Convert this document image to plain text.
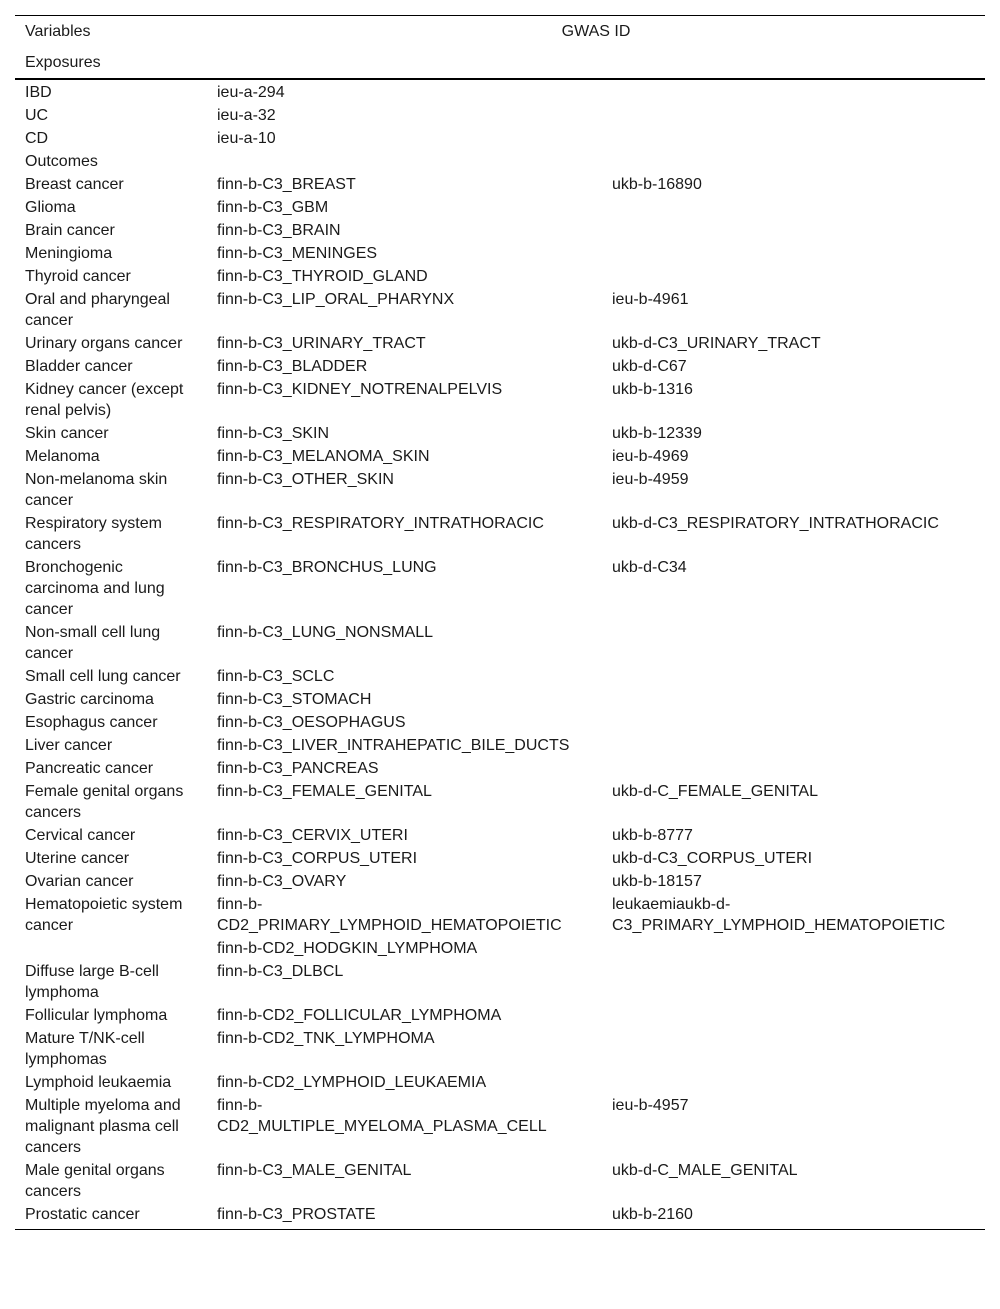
Variables	GWAS ID	
Exposures		
IBD	ieu-a-294	
UC	ieu-a-32	
CD	ieu-a-10	
Outcomes		
Breast cancer	finn-b-C3_BREAST	ukb-b-16890
Glioma	finn-b-C3_GBM	
Brain cancer	finn-b-C3_BRAIN	
Meningioma	finn-b-C3_MENINGES	
Thyroid cancer	finn-b-C3_THYROID_GLAND	
Oral and pharyngeal cancer	finn-b-C3_LIP_ORAL_PHARYNX	ieu-b-4961
Urinary organs cancer	finn-b-C3_URINARY_TRACT	ukb-d-C3_URINARY_TRACT
Bladder cancer	finn-b-C3_BLADDER	ukb-d-C67
Kidney cancer (except renal pelvis)	finn-b-C3_KIDNEY_NOTRENALPELVIS	ukb-b-1316
Skin cancer	finn-b-C3_SKIN	ukb-b-12339
Melanoma	finn-b-C3_MELANOMA_SKIN	ieu-b-4969
Non-melanoma skin cancer	finn-b-C3_OTHER_SKIN	ieu-b-4959
Respiratory system cancers	finn-b-C3_RESPIRATORY_INTRATHORACIC	ukb-d-C3_RESPIRATORY_INTRATHORACIC
Bronchogenic carcinoma and lung cancer	finn-b-C3_BRONCHUS_LUNG	ukb-d-C34
Non-small cell lung cancer	finn-b-C3_LUNG_NONSMALL	
Small cell lung cancer	finn-b-C3_SCLC	
Gastric carcinoma	finn-b-C3_STOMACH	
Esophagus cancer	finn-b-C3_OESOPHAGUS	
Liver cancer	finn-b-C3_LIVER_INTRAHEPATIC_BILE_DUCTS	
Pancreatic cancer	finn-b-C3_PANCREAS	
Female genital organs cancers	finn-b-C3_FEMALE_GENITAL	ukb-d-C_FEMALE_GENITAL
Cervical cancer	finn-b-C3_CERVIX_UTERI	ukb-b-8777
Uterine cancer	finn-b-C3_CORPUS_UTERI	ukb-d-C3_CORPUS_UTERI
Ovarian cancer	finn-b-C3_OVARY	ukb-b-18157
Hematopoietic system cancer	finn-b-CD2_PRIMARY_LYMPHOID_HEMATOPOIETIC	leukaemiaukb-d-C3_PRIMARY_LYMPHOID_HEMATOPOIETIC
	finn-b-CD2_HODGKIN_LYMPHOMA	
Diffuse large B-cell lymphoma	finn-b-C3_DLBCL	
Follicular lymphoma	finn-b-CD2_FOLLICULAR_LYMPHOMA	
Mature T/NK-cell lymphomas	finn-b-CD2_TNK_LYMPHOMA	
Lymphoid leukaemia	finn-b-CD2_LYMPHOID_LEUKAEMIA	
Multiple myeloma and malignant plasma cell cancers	finn-b-CD2_MULTIPLE_MYELOMA_PLASMA_CELL	ieu-b-4957
Male genital organs cancers	finn-b-C3_MALE_GENITAL	ukb-d-C_MALE_GENITAL
Prostatic cancer	finn-b-C3_PROSTATE	ukb-b-2160
